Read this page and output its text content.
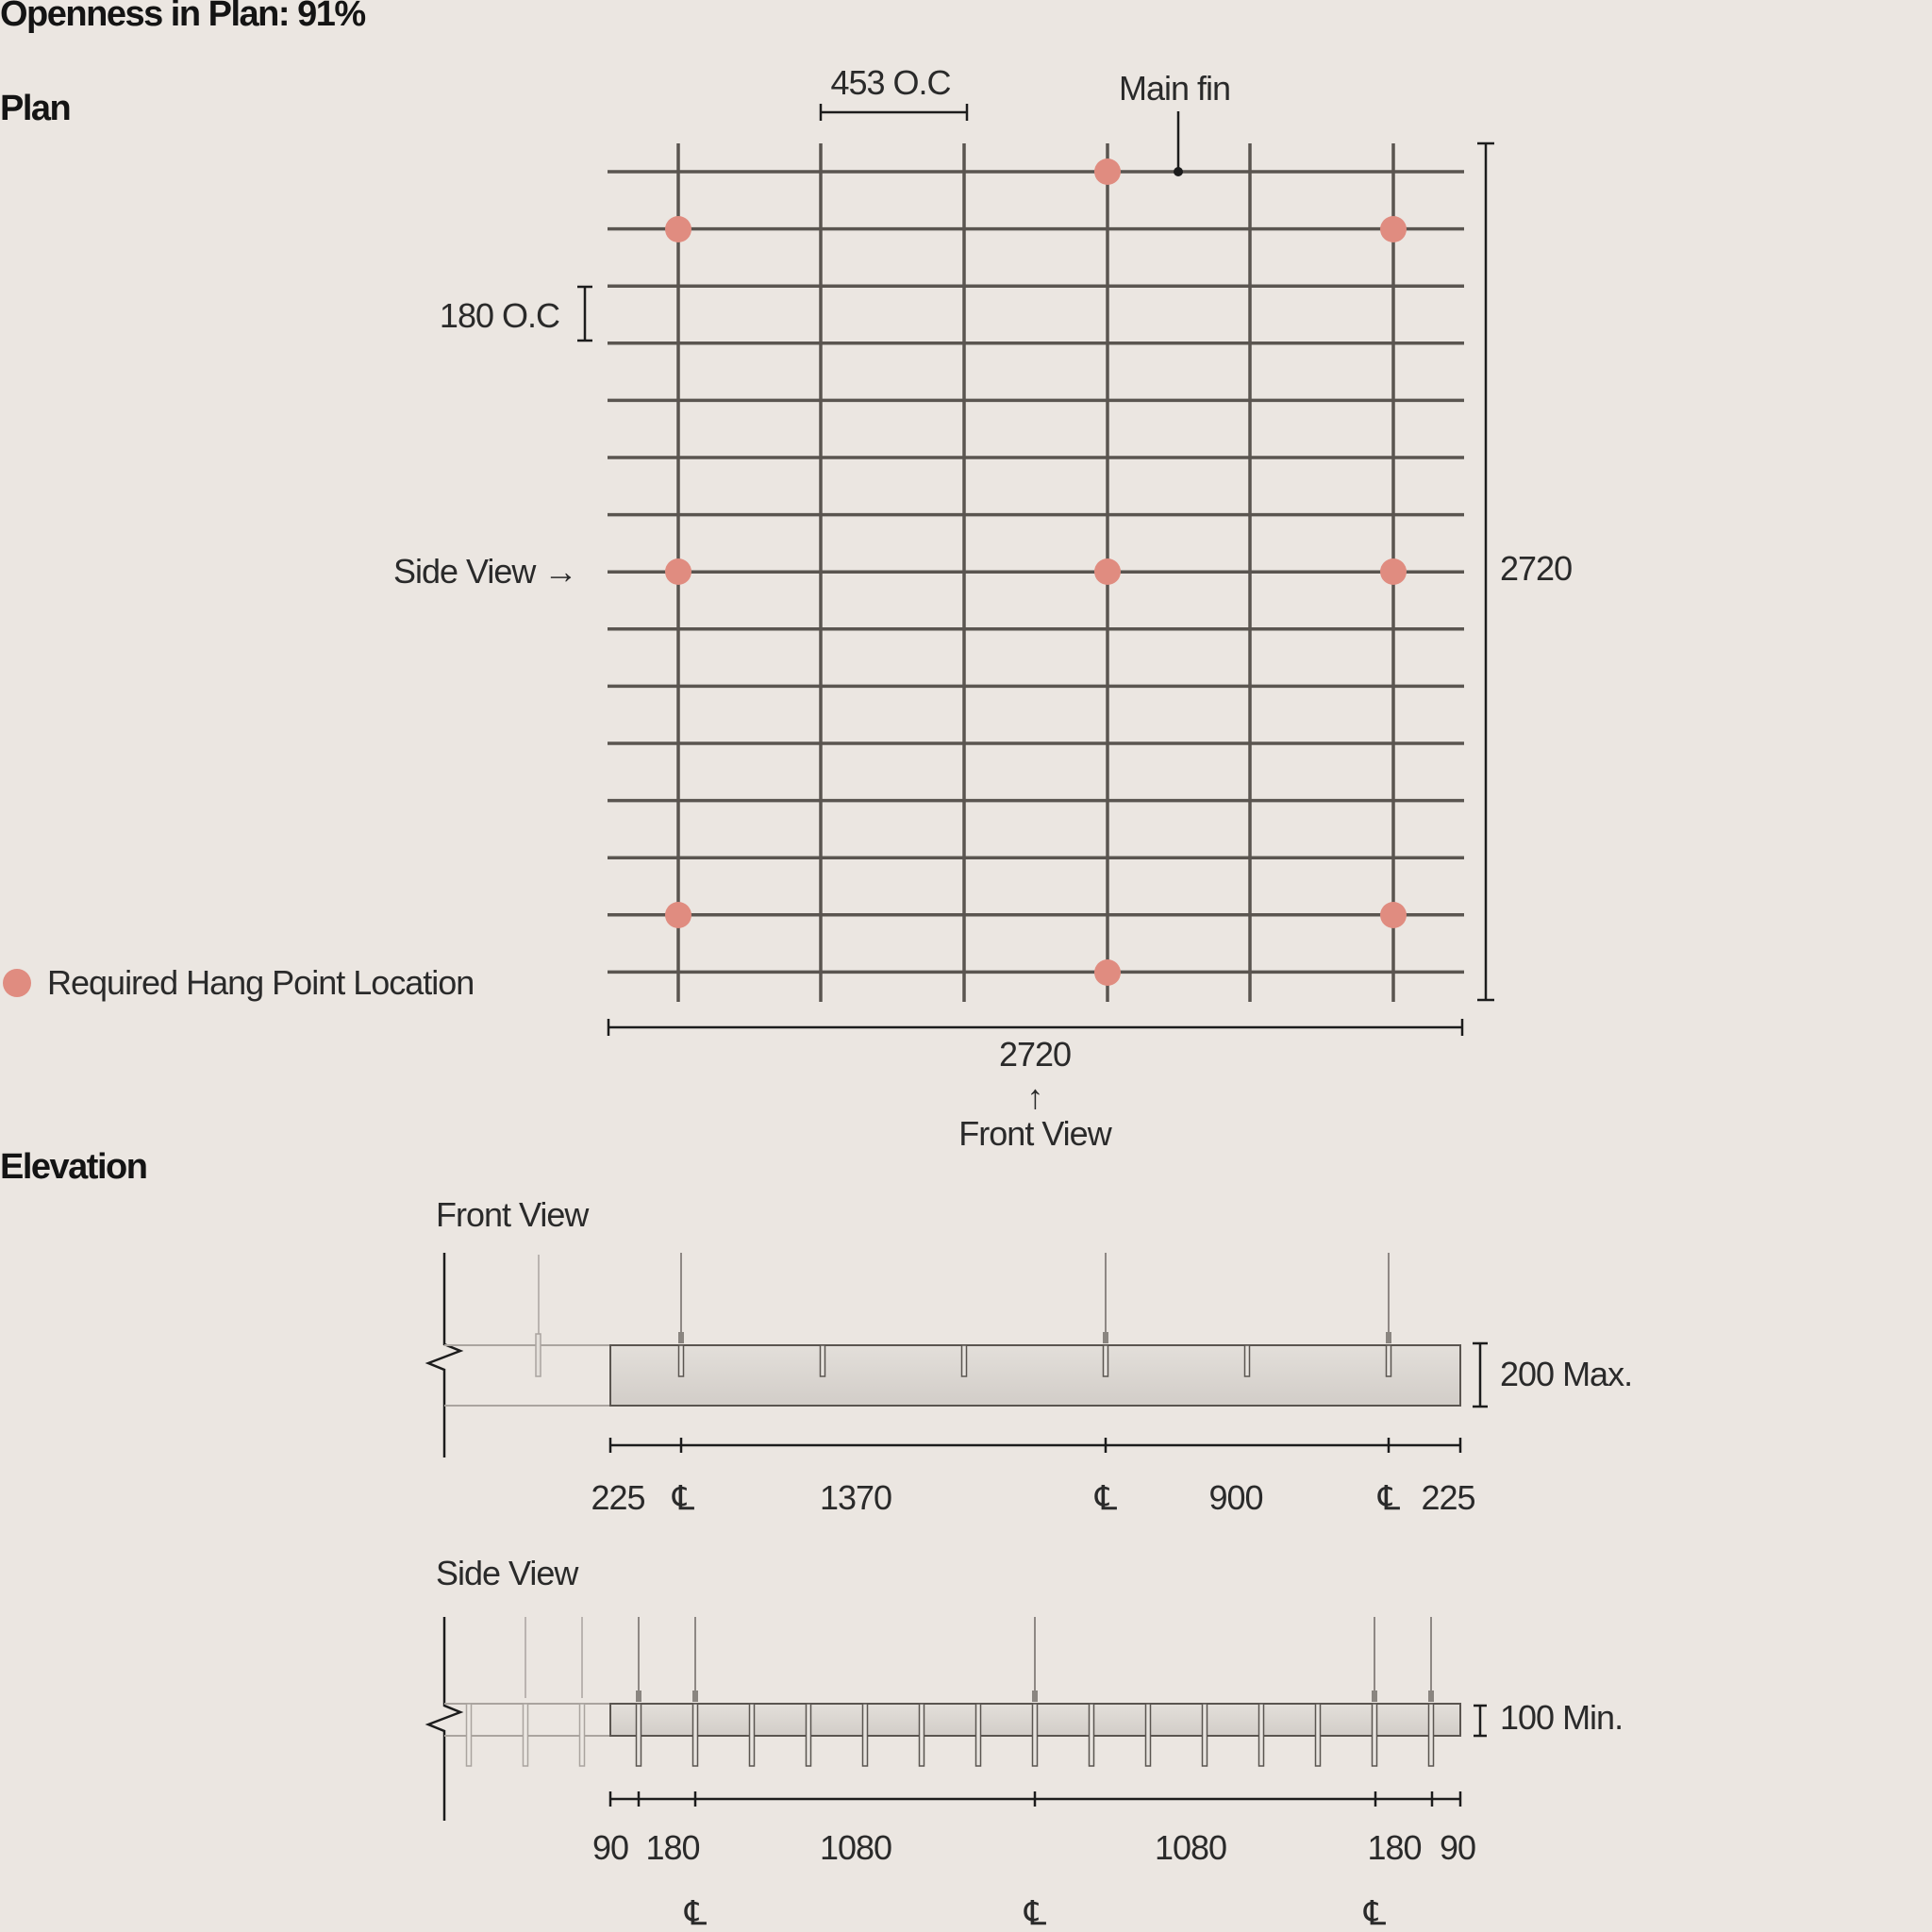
Openness in Plan: 91%
Plan
Elevation
453 O.C	Main fin
180 O.C
Side View →	2720
2720
↑
Front View
Required Hang Point Location
Front View
200 Max.
225	1370	900	225
℄	℄	℄
Side View
100 Min.
90 180	1080	1080	180 90
℄	℄	℄
